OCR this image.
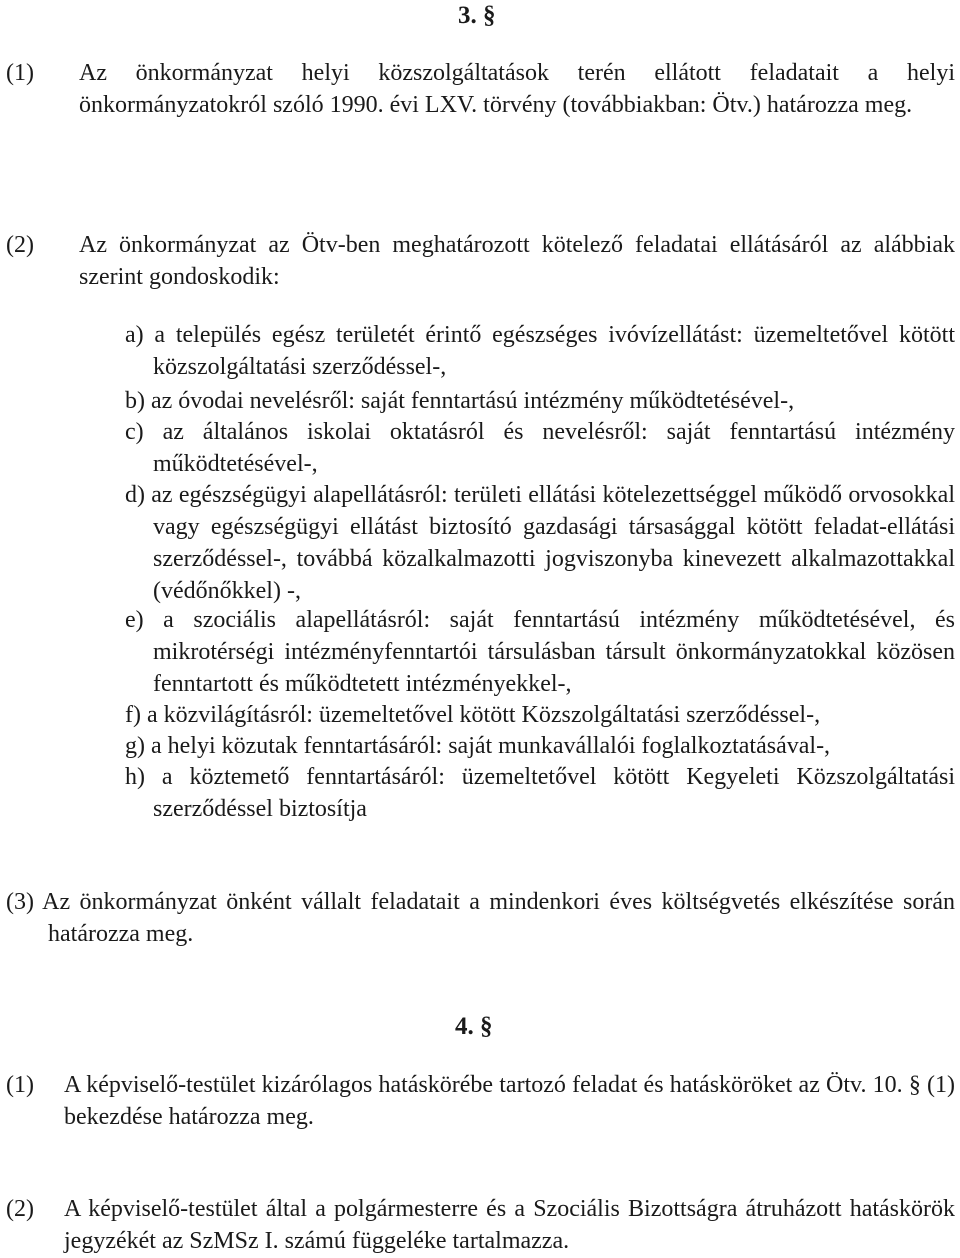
3. §
(1) Az önkormányzat helyi közszolgáltatások terén ellátott feladatait a helyi önkormányzatokról szóló 1990. évi LXV. törvény (továbbiakban: Ötv.) határozza meg.
(2) Az önkormányzat az Ötv-ben meghatározott kötelező feladatai ellátásáról az alábbiak szerint gondoskodik:
a) a település egész területét érintő egészséges ivóvízellátást: üzemeltetővel kötött közszolgáltatási szerződéssel-,
b) az óvodai nevelésről: saját fenntartású intézmény működtetésével-,
c) az általános iskolai oktatásról és nevelésről: saját fenntartású intézmény működtetésével-,
d) az egészségügyi alapellátásról: területi ellátási kötelezettséggel működő orvosokkal vagy egészségügyi ellátást biztosító gazdasági társasággal kötött feladat-ellátási szerződéssel-, továbbá közalkalmazotti jogviszonyba kinevezett alkalmazottakkal (védőnőkkel) -,
e) a szociális alapellátásról: saját fenntartású intézmény működtetésével, és mikrotérségi intézményfenntartói társulásban társult önkormányzatokkal közösen fenntartott és működtetett intézményekkel-,
f) a közvilágításról: üzemeltetővel kötött Közszolgáltatási szerződéssel-,
g) a helyi közutak fenntartásáról: saját munkavállalói foglalkoztatásával-,
h) a köztemető fenntartásáról: üzemeltetővel kötött Kegyeleti Közszolgáltatási szerződéssel biztosítja
(3) Az önkormányzat önként vállalt feladatait a mindenkori éves költségvetés elkészítése során határozza meg.
4. §
(1) A képviselő-testület kizárólagos hatáskörébe tartozó feladat és hatásköröket az Ötv. 10. § (1) bekezdése határozza meg.
(2) A képviselő-testület által a polgármesterre és a Szociális Bizottságra átruházott hatáskörök jegyzékét az SzMSz I. számú függeléke tartalmazza.
